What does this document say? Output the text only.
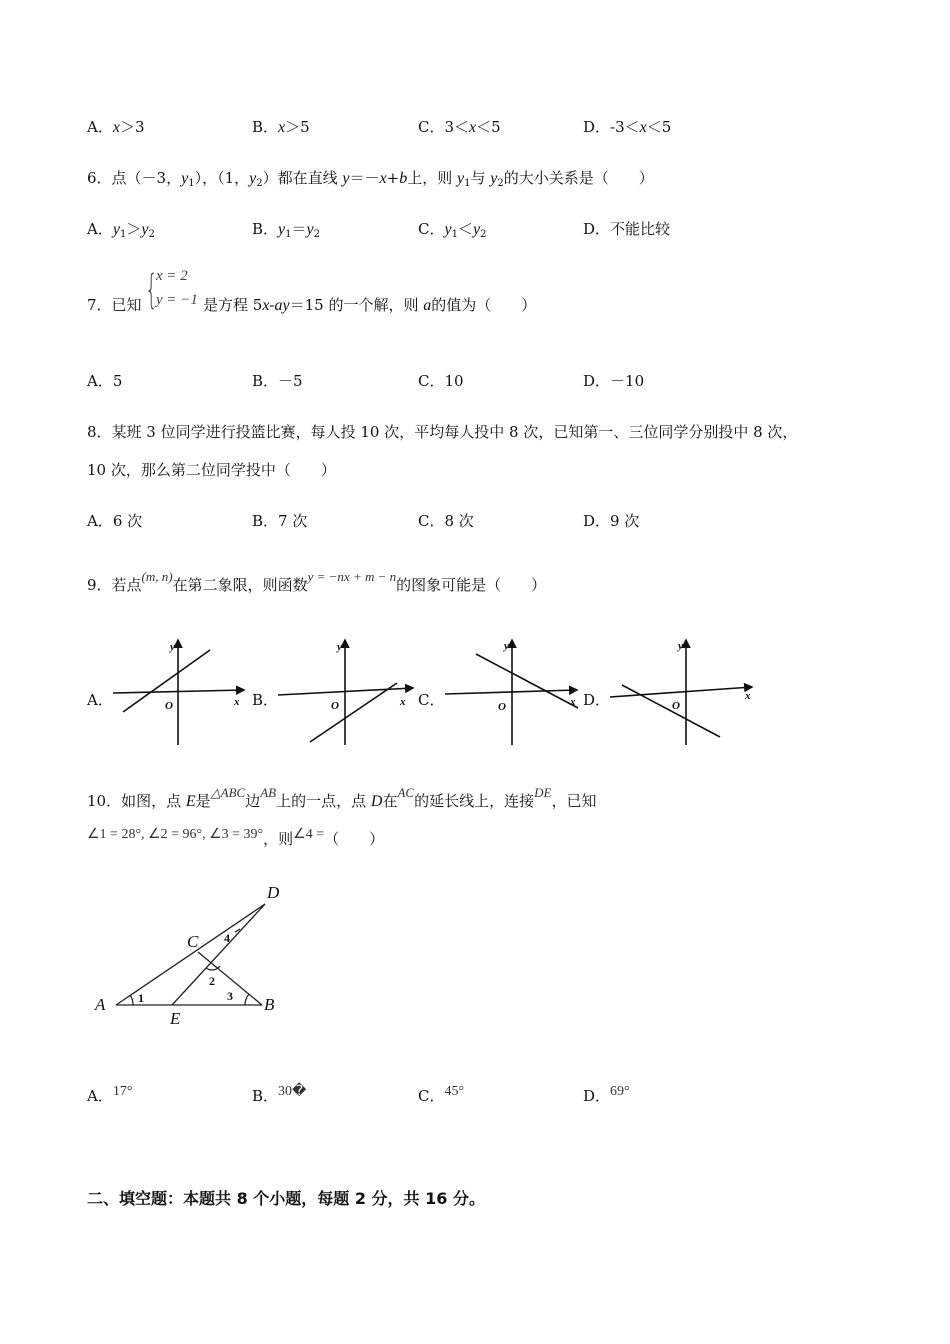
A．x＞3	B．x＞5	C．3＜x＜5	D．-3＜x＜5
6．点（－3，$y_1$），（1，$y_2$）都在直线 y＝－x+b上，则 $y_1$与 $y_2$的大小关系是（　　）
A．$y_1>y_2$	B．$y_1=y_2$	C．$y_1<y_2$	D．不能比较
7．已知 {
x = 2
y = −1 是方程 5x-ay＝15 的一个解，则 a的值为（　　）
A．5	B．－5	C．10	D．－10
8．某班 3 位同学进行投篮比赛，每人投 10 次，平均每人投中 8 次，已知第一、三位同学分别投中 8 次，
10 次，那么第二位同学投中（　　）
A．6 次	B．7 次	C．8 次	D．9 次
9．若点(m, n)在第二象限，则函数y = −nx + m − n的图象可能是（　　）
A．	B．	C．	D．
y
x
O
y
x
O
y
x
O
y
x
O
D
C
A
E
B
1
2
3
4
10．如图，点 E是△ABC边AB上的一点，点 D在AC的延长线上，连接DE，已知
∠1 = 28°, ∠2 = 96°, ∠3 = 39°，则∠4 =（　　）
A．17°	B．30�	C．45°	D．69°
二、填空题：本题共 8 个小题，每题 2 分，共 16 分。
